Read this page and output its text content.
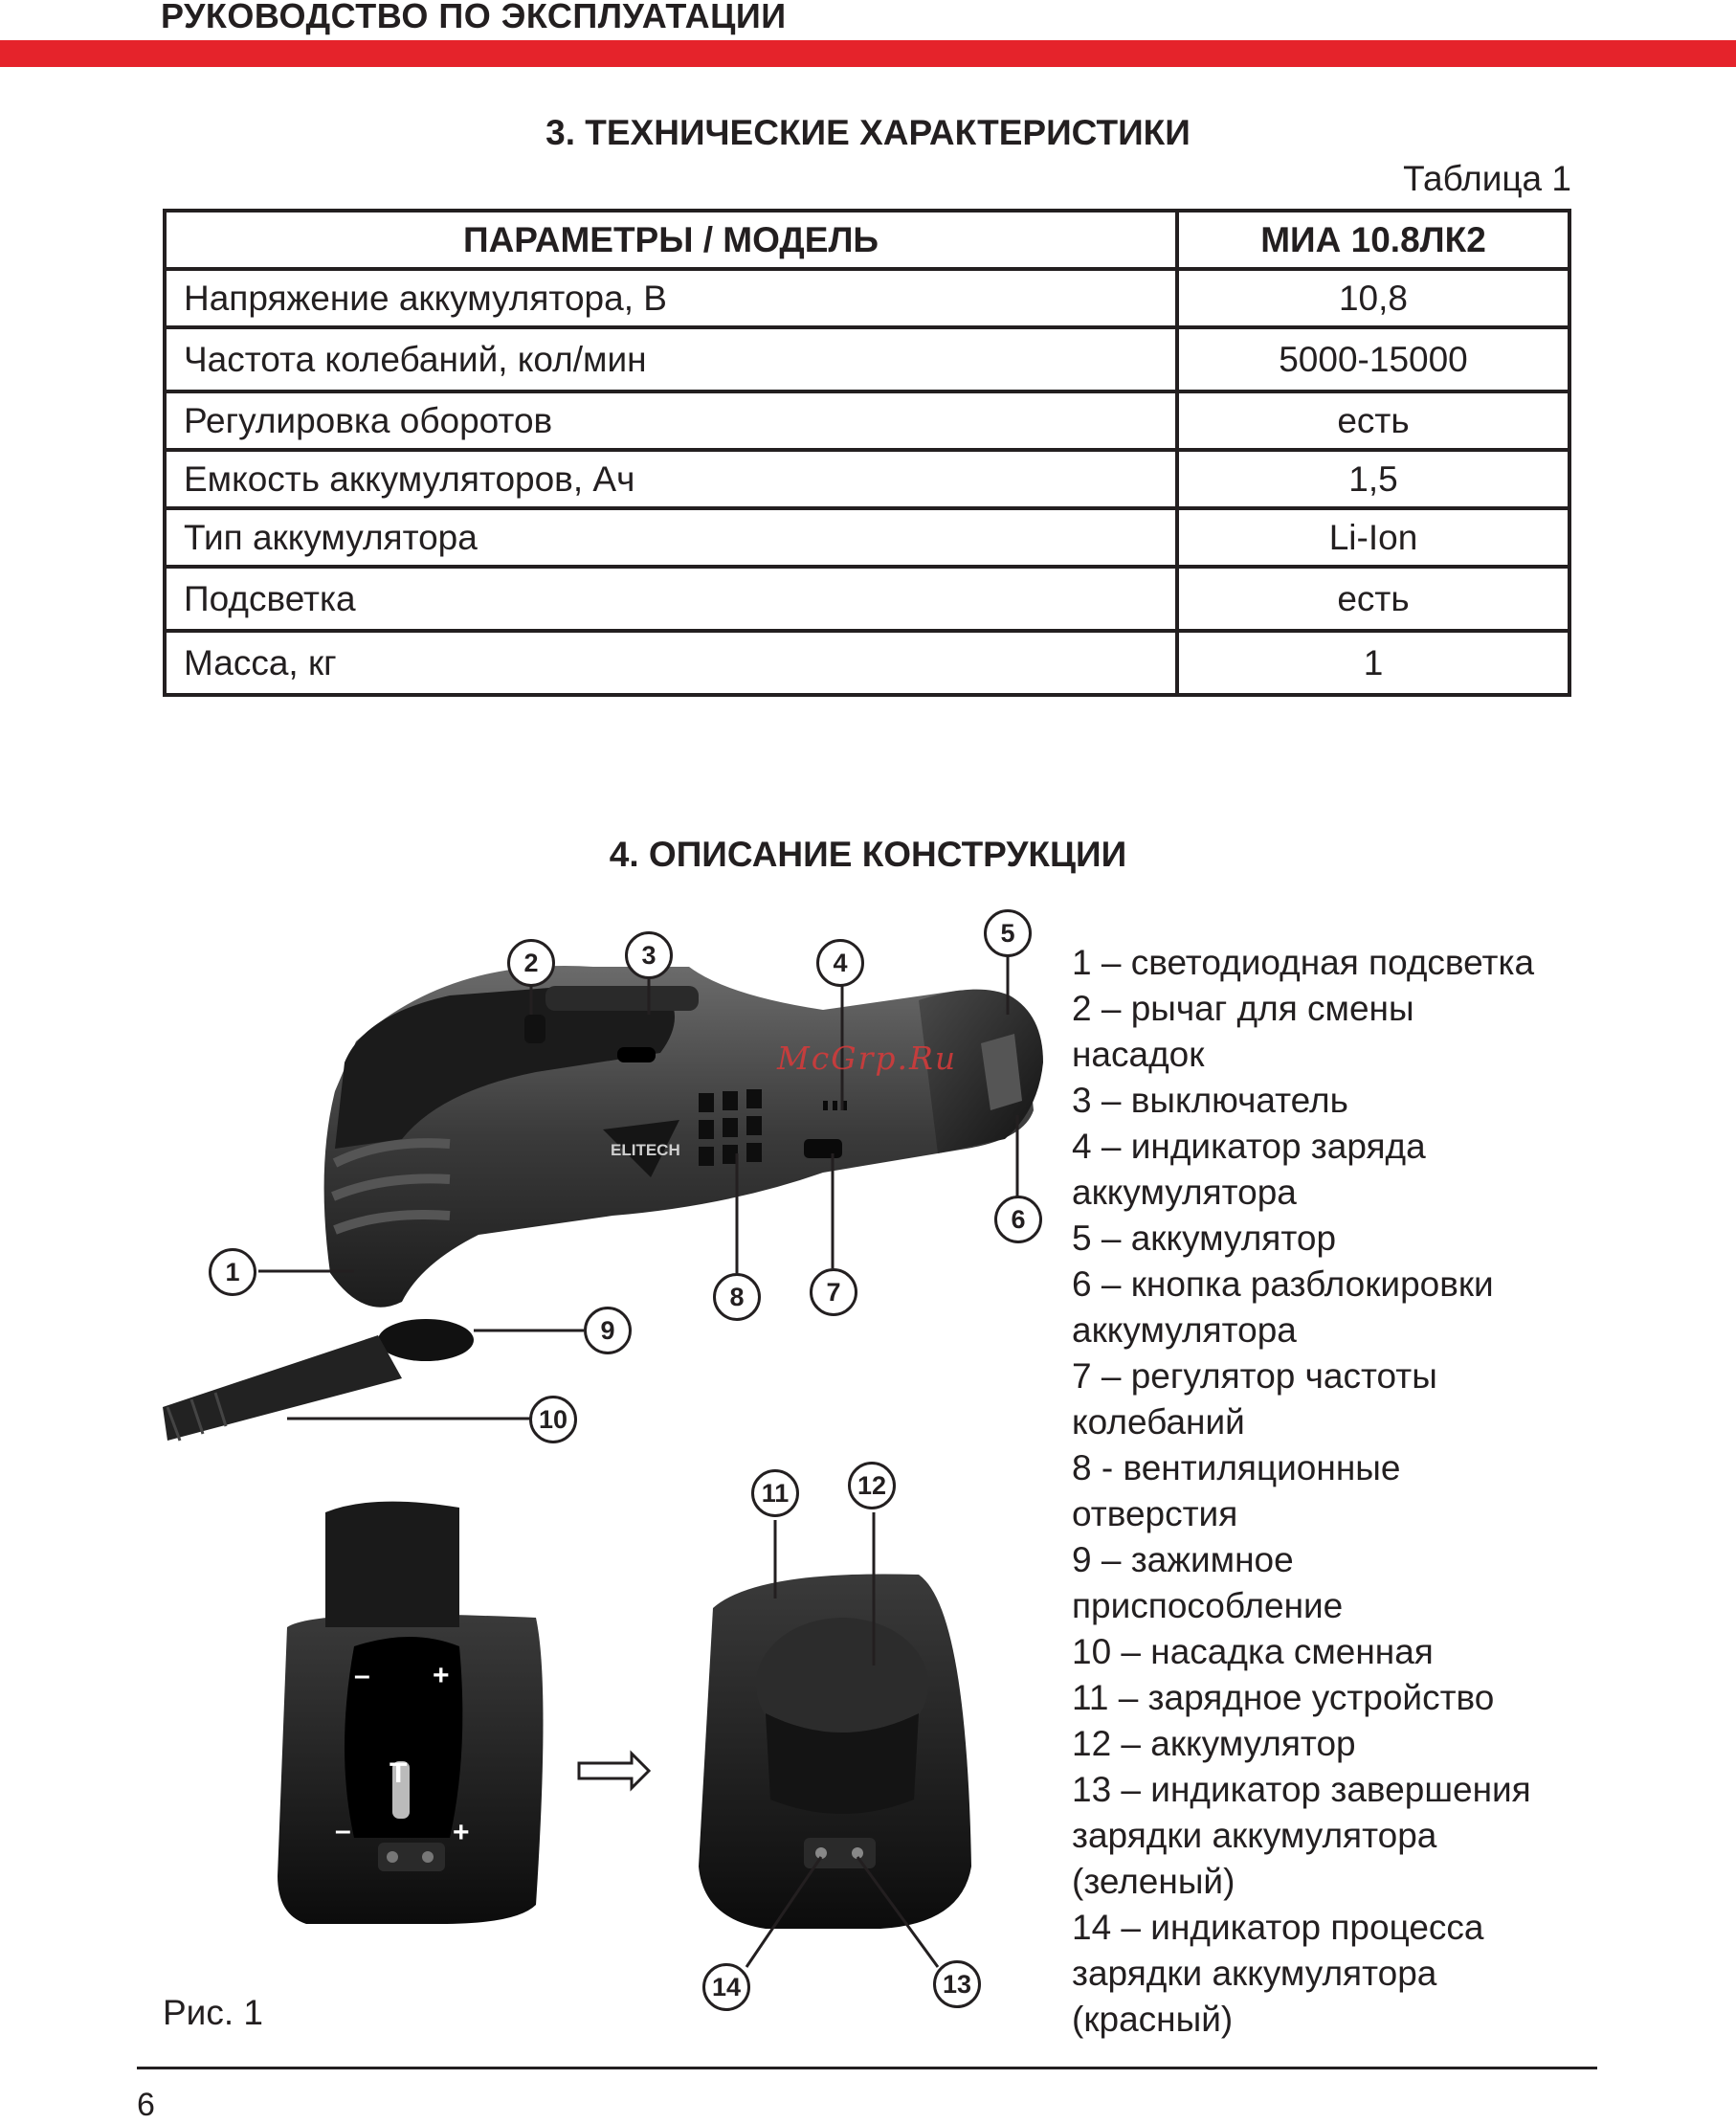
РУКОВОДСТВО ПО ЭКСПЛУАТАЦИИ
3. ТЕХНИЧЕСКИЕ ХАРАКТЕРИСТИКИ
Таблица 1
ПАРАМЕТРЫ / МОДЕЛЬ	МИА 10.8ЛК2
Напряжение аккумулятора, В	10,8
Частота колебаний, кол/мин	5000-15000
Регулировка оборотов	есть
Емкость аккумуляторов, Ач	1,5
Тип аккумулятора	Li-Ion
Подсветка	есть
Масса, кг	1
4. ОПИСАНИЕ КОНСТРУКЦИИ
ELITECH
– +
T
–	+
McGrp.Ru
1
2	3	4
5
6
7
8
9
10
11	12
13
14
1 – светодиодная подсветка
2 – рычаг для смены
насадок
3 – выключатель
4 – индикатор заряда
аккумулятора
5 – аккумулятор
6 – кнопка разблокировки
аккумулятора
7 – регулятор частоты
колебаний
8 - вентиляционные
отверстия
9 – зажимное
приспособление
10 – насадка сменная
11 – зарядное устройство
12 – аккумулятор
13 – индикатор завершения
зарядки аккумулятора
(зеленый)
14 – индикатор процесса
зарядки аккумулятора
(красный)
Рис. 1
6
